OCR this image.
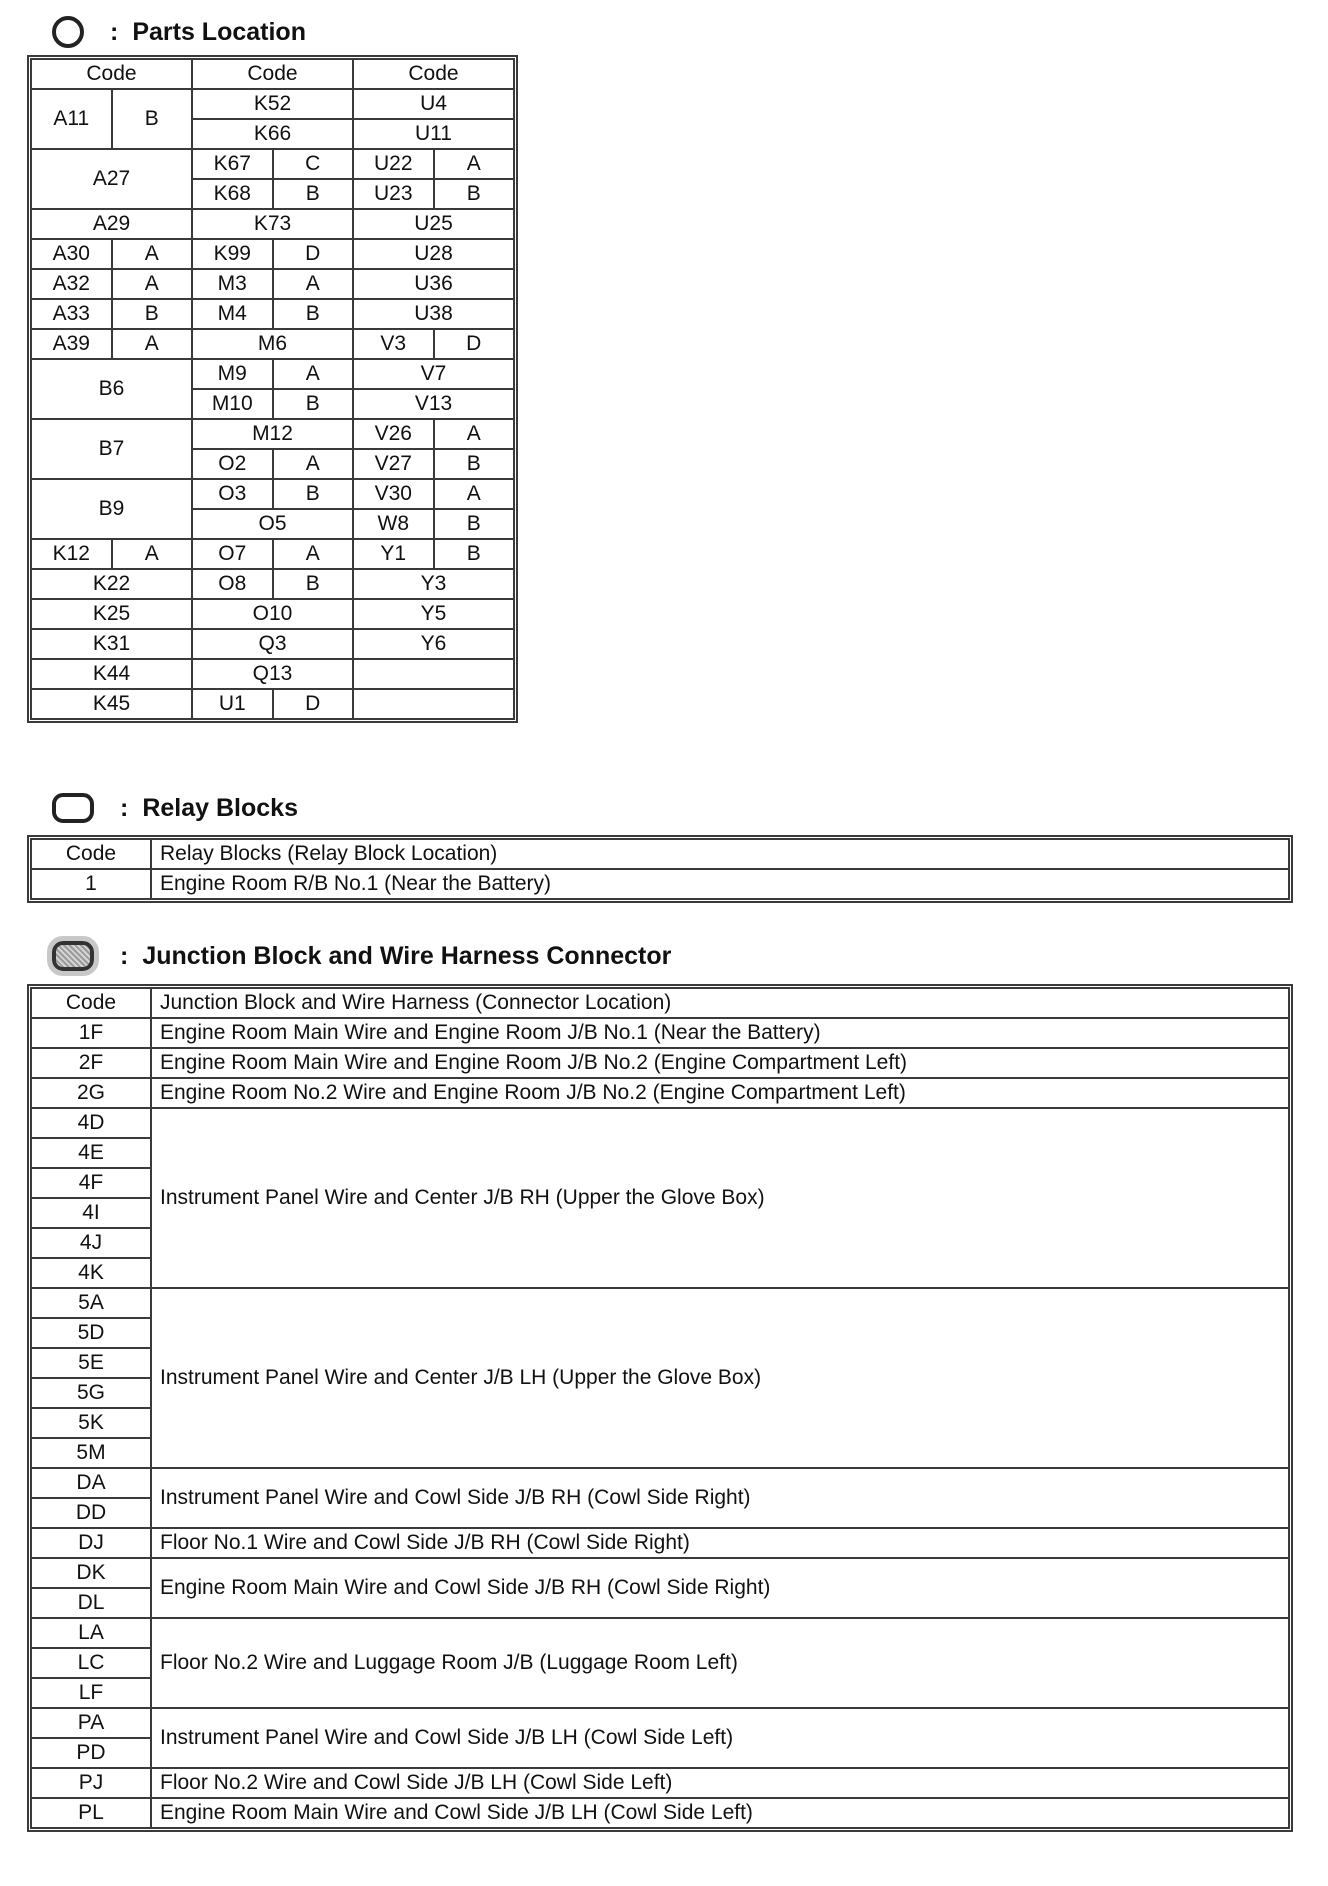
: Parts Location
Code		Code		Code	
A11	B	K52		U4	
		K66		U11	
A27		K67	C	U22	A
		K68	B	U23	B
A29		K73		U25	
A30	A	K99	D	U28	
A32	A	M3	A	U36	
A33	B	M4	B	U38	
A39	A	M6		V3	D
B6		M9	A	V7	
		M10	B	V13	
B7		M12		V26	A
		O2	A	V27	B
B9		O3	B	V30	A
		O5		W8	B
K12	A	O7	A	Y1	B
K22		O8	B	Y3	
K25		O10		Y5	
K31		Q3		Y6	
K44		Q13			
K45		U1	D		
: Relay Blocks
Code	Relay Blocks (Relay Block Location)
1	Engine Room R/B No.1 (Near the Battery)
: Junction Block and Wire Harness Connector
Code	Junction Block and Wire Harness (Connector Location)
1F	Engine Room Main Wire and Engine Room J/B No.1 (Near the Battery)
2F	Engine Room Main Wire and Engine Room J/B No.2 (Engine Compartment Left)
2G	Engine Room No.2 Wire and Engine Room J/B No.2 (Engine Compartment Left)
4D	Instrument Panel Wire and Center J/B RH (Upper the Glove Box)
4E	
4F	
4I	
4J	
4K	
5A	Instrument Panel Wire and Center J/B LH (Upper the Glove Box)
5D	
5E	
5G	
5K	
5M	
DA	Instrument Panel Wire and Cowl Side J/B RH (Cowl Side Right)
DD	
DJ	Floor No.1 Wire and Cowl Side J/B RH (Cowl Side Right)
DK	Engine Room Main Wire and Cowl Side J/B RH (Cowl Side Right)
DL	
LA	Floor No.2 Wire and Luggage Room J/B (Luggage Room Left)
LC	
LF	
PA	Instrument Panel Wire and Cowl Side J/B LH (Cowl Side Left)
PD	
PJ	Floor No.2 Wire and Cowl Side J/B LH (Cowl Side Left)
PL	Engine Room Main Wire and Cowl Side J/B LH (Cowl Side Left)
